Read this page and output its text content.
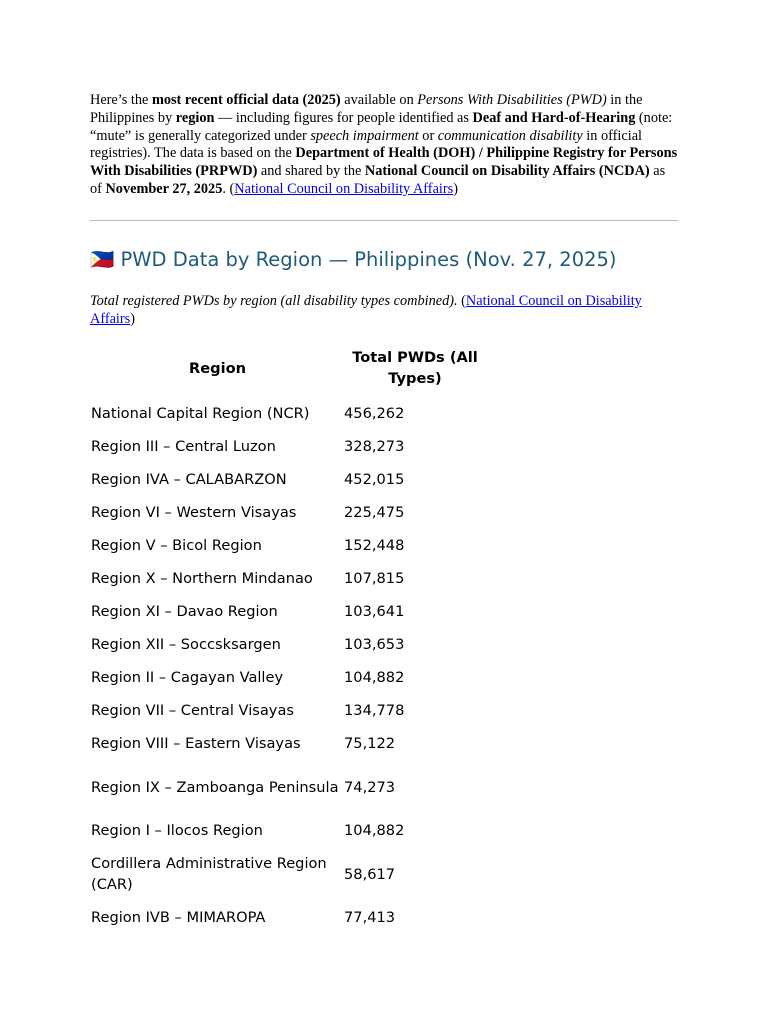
Here’s the most recent official data (2025) available on Persons With Disabilities (PWD) in the Philippines by region — including figures for people identified as Deaf and Hard-of-Hearing (note: “mute” is generally categorized under speech impairment or communication disability in official registries). The data is based on the Department of Health (DOH) / Philippine Registry for Persons With Disabilities (PRPWD) and shared by the National Council on Disability Affairs (NCDA) as of November 27, 2025. (National Council on Disability Affairs)

🇵🇭 PWD Data by Region — Philippines (Nov. 27, 2025)

Total registered PWDs by region (all disability types combined). (National Council on Disability Affairs)

Region	Total PWDs (All Types)
National Capital Region (NCR)	456,262
Region III – Central Luzon	328,273
Region IVA – CALABARZON	452,015
Region VI – Western Visayas	225,475
Region V – Bicol Region	152,448
Region X – Northern Mindanao	107,815
Region XI – Davao Region	103,641
Region XII – Soccsksargen	103,653
Region II – Cagayan Valley	104,882
Region VII – Central Visayas	134,778
Region VIII – Eastern Visayas	75,122
Region IX – Zamboanga Peninsula	74,273
Region I – Ilocos Region	104,882
Cordillera Administrative Region (CAR)	58,617
Region IVB – MIMAROPA	77,413
